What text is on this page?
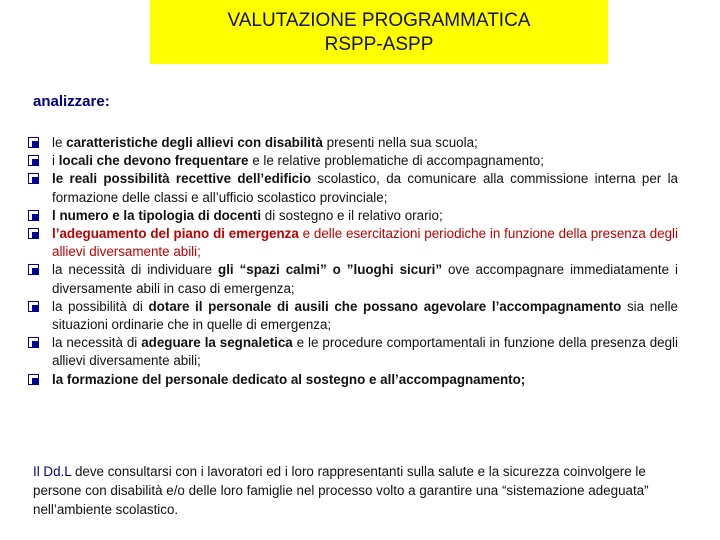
VALUTAZIONE PROGRAMMATICA
RSPP-ASPP
analizzare:
le caratteristiche degli allievi con disabilità presenti nella sua scuola;
i locali che devono frequentare e le relative problematiche di accompagnamento;
le reali possibilità recettive dell’edificio scolastico, da comunicare alla commissione interna per la formazione delle classi e all’ufficio scolastico provinciale;
l numero e la tipologia di docenti di sostegno e il relativo orario;
l’adeguamento del piano di emergenza e delle esercitazioni periodiche in funzione della presenza degli allievi diversamente abili;
la necessità di individuare gli “spazi calmi” o ”luoghi sicuri” ove accompagnare immediatamente i diversamente abili in caso di emergenza;
la possibilità di dotare il personale di ausili che possano agevolare l’accompagnamento sia nelle situazioni ordinarie che in quelle di emergenza;
la necessità di adeguare la segnaletica e le procedure comportamentali in funzione della presenza degli allievi diversamente abili;
la formazione del personale dedicato al sostegno e all’accompagnamento;
Il Dd.L deve consultarsi con i lavoratori ed i loro rappresentanti sulla salute e la sicurezza coinvolgere le persone con disabilità e/o delle loro famiglie nel processo volto a garantire una “sistemazione adeguata” nell’ambiente scolastico.
